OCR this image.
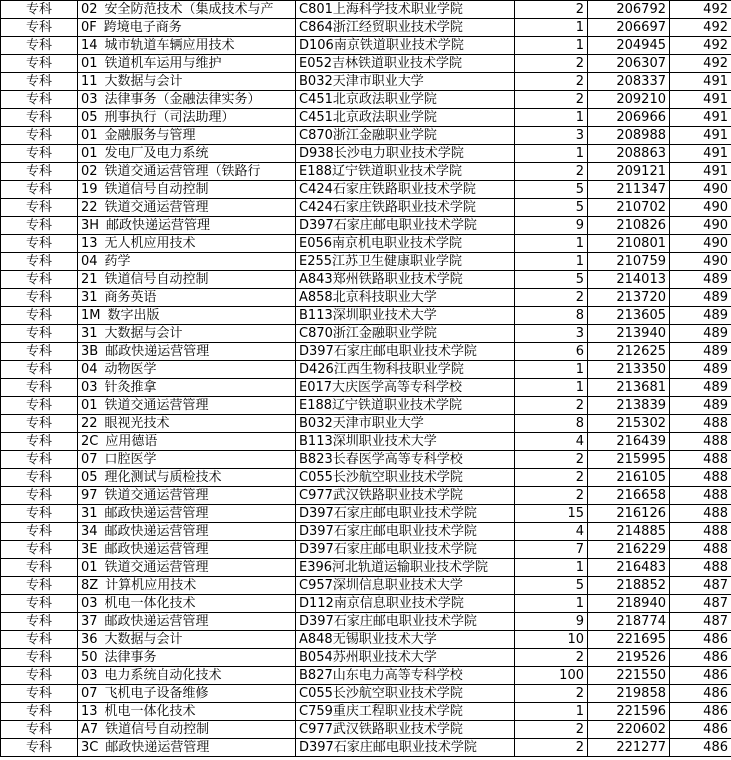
专科	02 安全防范技术（集成技术与产	C801上海科学技术职业学院	2	206792	492
专科	0F 跨境电子商务	C864浙江经贸职业技术学院	1	206697	492
专科	14 城市轨道车辆应用技术	D106南京铁道职业技术学院	1	204945	492
专科	01 铁道机车运用与维护	E052吉林铁道职业技术学院	2	206307	492
专科	11 大数据与会计	B032天津市职业大学	2	208337	491
专科	03 法律事务（金融法律实务）	C451北京政法职业学院	2	209210	491
专科	05 刑事执行（司法助理）	C451北京政法职业学院	1	206966	491
专科	01 金融服务与管理	C870浙江金融职业学院	3	208988	491
专科	01 发电厂及电力系统	D938长沙电力职业技术学院	1	208863	491
专科	02 铁道交通运营管理（铁路行	E188辽宁铁道职业技术学院	2	209121	491
专科	19 铁道信号自动控制	C424石家庄铁路职业技术学院	5	211347	490
专科	22 铁道交通运营管理	C424石家庄铁路职业技术学院	5	210702	490
专科	3H 邮政快递运营管理	D397石家庄邮电职业技术学院	9	210826	490
专科	13 无人机应用技术	E056南京机电职业技术学院	1	210801	490
专科	04 药学	E255江苏卫生健康职业学院	1	210759	490
专科	21 铁道信号自动控制	A843郑州铁路职业技术学院	5	214013	489
专科	31 商务英语	A858北京科技职业大学	2	213720	489
专科	1M 数字出版	B113深圳职业技术大学	8	213605	489
专科	31 大数据与会计	C870浙江金融职业学院	3	213940	489
专科	3B 邮政快递运营管理	D397石家庄邮电职业技术学院	6	212625	489
专科	04 动物医学	D426江西生物科技职业学院	1	213350	489
专科	03 针灸推拿	E017大庆医学高等专科学校	1	213681	489
专科	01 铁道交通运营管理	E188辽宁铁道职业技术学院	2	213839	489
专科	22 眼视光技术	B032天津市职业大学	8	215302	488
专科	2C 应用德语	B113深圳职业技术大学	4	216439	488
专科	07 口腔医学	B823长春医学高等专科学校	2	215995	488
专科	05 理化测试与质检技术	C055长沙航空职业技术学院	2	216105	488
专科	97 铁道交通运营管理	C977武汉铁路职业技术学院	2	216658	488
专科	31 邮政快递运营管理	D397石家庄邮电职业技术学院	15	216126	488
专科	34 邮政快递运营管理	D397石家庄邮电职业技术学院	4	214885	488
专科	3E 邮政快递运营管理	D397石家庄邮电职业技术学院	7	216229	488
专科	01 铁道交通运营管理	E396河北轨道运输职业技术学院	1	216483	488
专科	8Z 计算机应用技术	C957深圳信息职业技术大学	5	218852	487
专科	03 机电一体化技术	D112南京信息职业技术学院	1	218940	487
专科	37 邮政快递运营管理	D397石家庄邮电职业技术学院	9	218774	487
专科	36 大数据与会计	A848无锡职业技术大学	10	221695	486
专科	50 法律事务	B054苏州职业技术大学	2	219526	486
专科	03 电力系统自动化技术	B827山东电力高等专科学校	100	221550	486
专科	07 飞机电子设备维修	C055长沙航空职业技术学院	2	219858	486
专科	13 机电一体化技术	C759重庆工程职业技术学院	1	221596	486
专科	A7 铁道信号自动控制	C977武汉铁路职业技术学院	2	220602	486
专科	3C 邮政快递运营管理	D397石家庄邮电职业技术学院	2	221277	486
